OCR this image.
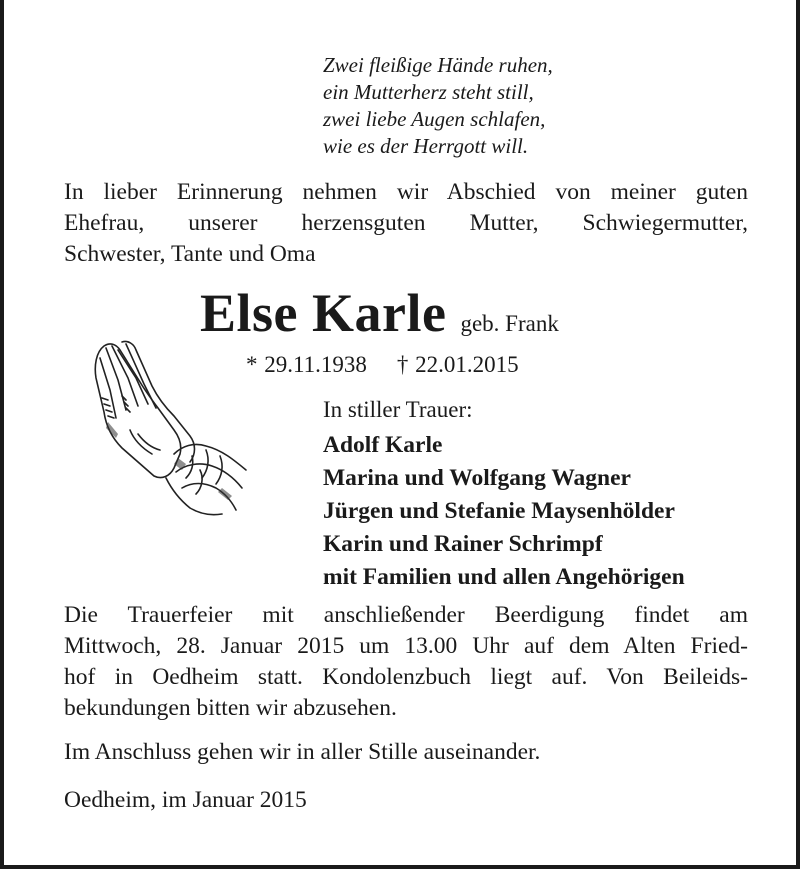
Zwei fleißige Hände ruhen,
ein Mutterherz steht still,
zwei liebe Augen schlafen,
wie es der Herrgott will.
In lieber Erinnerung nehmen wir Abschied von meiner guten
Ehefrau, unserer herzensguten Mutter, Schwiegermutter,
Schwester, Tante und Oma
Else Karle geb. Frank
* 29.11.1938 † 22.01.2015
In stiller Trauer:
Adolf Karle
Marina und Wolfgang Wagner
Jürgen und Stefanie Maysenhölder
Karin und Rainer Schrimpf
mit Familien und allen Angehörigen
Die Trauerfeier mit anschließender Beerdigung findet am
Mittwoch, 28. Januar 2015 um 13.00 Uhr auf dem Alten Fried-
hof in Oedheim statt. Kondolenzbuch liegt auf. Von Beileids-
bekundungen bitten wir abzusehen.
Im Anschluss gehen wir in aller Stille auseinander.
Oedheim, im Januar 2015
